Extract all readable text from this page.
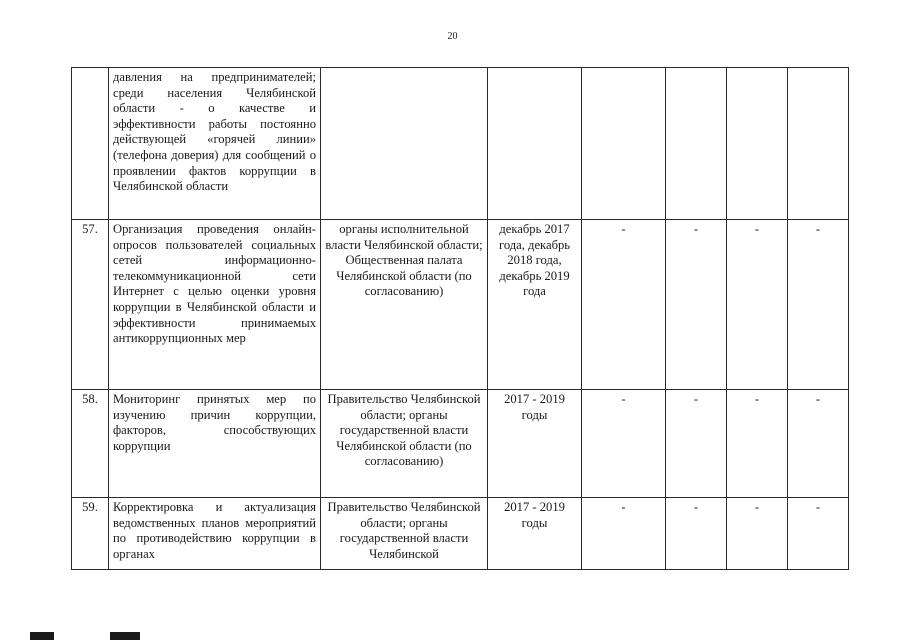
20
	давления на предпринимателей; среди населения Челябинской области - о качестве и эффективности работы постоянно действующей «горячей линии» (телефона доверия) для сообщений о проявлении фактов коррупции в Челябинской области						
57.	Организация проведения онлайн-опросов пользователей социальных сетей информационно-телекоммуникационной сети Интернет с целью оценки уровня коррупции в Челябинской области и эффективности принимаемых антикоррупционных мер	органы исполнительной власти Челябинской области; Общественная палата Челябинской области (по согласованию)	декабрь 2017 года, декабрь 2018 года, декабрь 2019 года	-	-	-	-
58.	Мониторинг принятых мер по изучению причин коррупции, факторов, способствующих коррупции	Правительство Челябинской области; органы государственной власти Челябинской области (по согласованию)	2017 - 2019 годы	-	-	-	-
59.	Корректировка и актуализация ведомственных планов мероприятий по противодействию коррупции в органах	Правительство Челябинской области; органы государственной власти Челябинской	2017 - 2019 годы	-	-	-	-
